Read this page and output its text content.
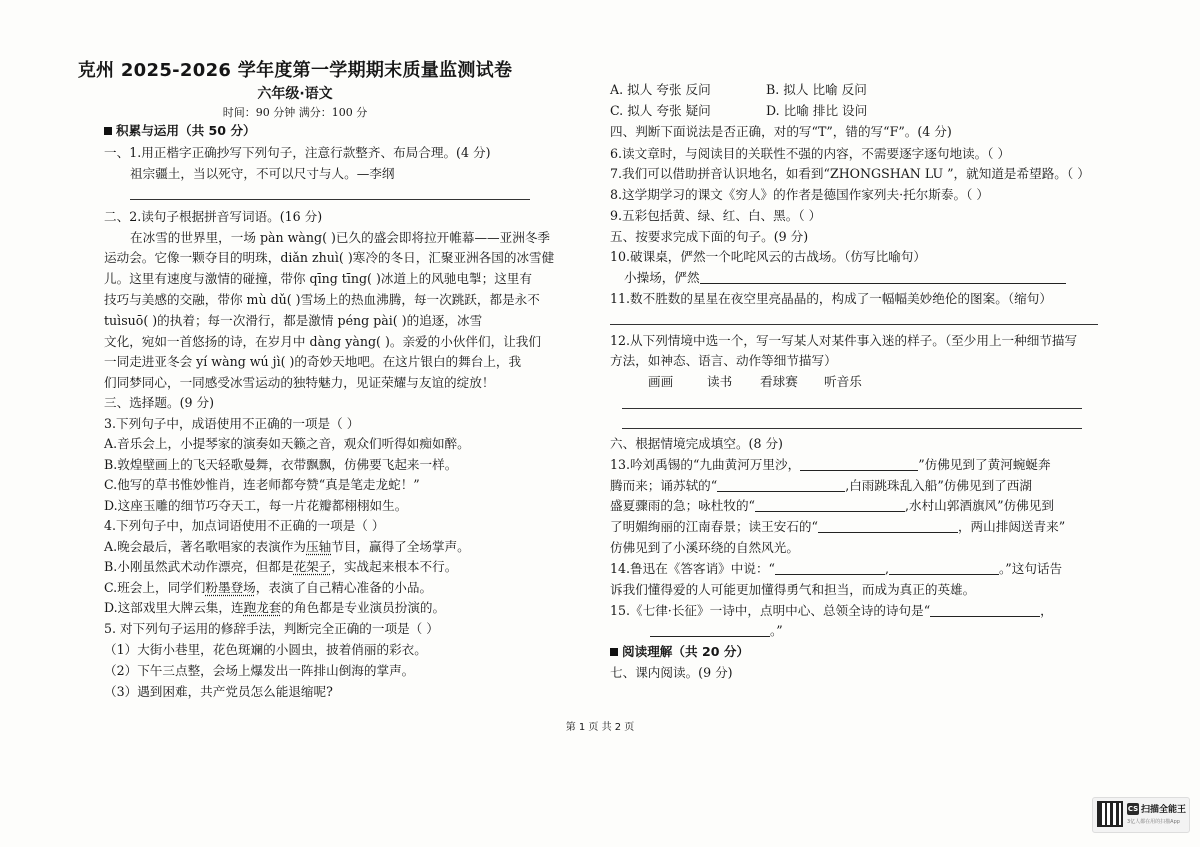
克州 2025-2026 学年度第一学期期末质量监测试卷
六年级·语文
时间：90 分钟 满分：100 分
积累与运用（共 50 分）
一、1.用正楷字正确抄写下列句子，注意行款整齐、布局合理。(4 分)
祖宗疆土，当以死守，不可以尺寸与人。—李纲
二、2.读句子根据拼音写词语。(16 分)
在冰雪的世界里，一场 pàn wàng( )已久的盛会即将拉开帷幕——亚洲冬季
运动会。它像一颗夺目的明珠，diǎn zhuì( )寒冷的冬日，汇聚亚洲各国的冰雪健
儿。这里有速度与激情的碰撞，带你 qīng tīng( )冰道上的风驰电掣；这里有
技巧与美感的交融，带你 mù dǔ( )雪场上的热血沸腾，每一次跳跃，都是永不
tuìsuō( )的执着；每一次滑行，都是激情 péng pài( )的追逐，冰雪
文化，宛如一首悠扬的诗，在岁月中 dàng yàng( )。亲爱的小伙伴们，让我们
一同走进亚冬会 yí wàng wú jì( )的奇妙天地吧。在这片银白的舞台上，我
们同梦同心，一同感受冰雪运动的独特魅力，见证荣耀与友谊的绽放！
三、选择题。(9 分)
3.下列句子中，成语使用不正确的一项是（ ）
A.音乐会上，小提琴家的演奏如天籁之音，观众们听得如痴如醉。
B.敦煌壁画上的飞天轻歌曼舞，衣带飘飘，仿佛要飞起来一样。
C.他写的草书惟妙惟肖，连老师都夸赞“真是笔走龙蛇！”
D.这座玉雕的细节巧夺天工，每一片花瓣都栩栩如生。
4.下列句子中，加点词语使用不正确的一项是（ ）
A.晚会最后，著名歌唱家的表演作为压轴节目，赢得了全场掌声。
B.小刚虽然武术动作漂亮，但都是花架子，实战起来根本不行。
C.班会上，同学们粉墨登场，表演了自己精心准备的小品。
D.这部戏里大牌云集，连跑龙套的角色都是专业演员扮演的。
5. 对下列句子运用的修辞手法，判断完全正确的一项是（ ）
（1）大街小巷里，花色斑斓的小圆虫，披着俏丽的彩衣。
（2）下午三点整，会场上爆发出一阵排山倒海的掌声。
（3）遇到困难，共产党员怎么能退缩呢?
A. 拟人 夸张 反问	B. 拟人 比喻 反问
C. 拟人 夸张 疑问	D. 比喻 排比 设问
四、判断下面说法是否正确，对的写“T”，错的写“F”。(4 分)
6.读文章时，与阅读目的关联性不强的内容，不需要逐字逐句地读。（ ）
7.我们可以借助拼音认识地名，如看到“ZHONGSHAN LU ”，就知道是希望路。（ ）
8.这学期学习的课文《穷人》的作者是德国作家列夫·托尔斯泰。（ ）
9.五彩包括黄、绿、红、白、黑。（ ）
五、按要求完成下面的句子。(9 分)
10.破课桌，俨然一个叱咤风云的古战场。（仿写比喻句）
小操场，俨然
11.数不胜数的星星在夜空里亮晶晶的，构成了一幅幅美妙绝伦的图案。（缩句）
12.从下列情境中选一个，写一写某人对某件事入迷的样子。（至少用上一种细节描写
方法，如神态、语言、动作等细节描写）
画画	读书 看球赛 听音乐
六、根据情境完成填空。(8 分)
13.吟刘禹锡的“九曲黄河万里沙，	”仿佛见到了黄河蜿蜒奔
腾而来；诵苏轼的“	,白雨跳珠乱入船”仿佛见到了西湖
盛夏骤雨的急；咏杜牧的“	,水村山郭酒旗风”仿佛见到
了明媚绚丽的江南春景；读王安石的“	，两山排闼送青来”
仿佛见到了小溪环绕的自然风光。
14.鲁迅在《答客诮》中说：“	,	。”这句话告
诉我们懂得爱的人可能更加懂得勇气和担当，而成为真正的英雄。
15.《七律·长征》一诗中，点明中心、总领全诗的诗句是“	，
。”
阅读理解（共 20 分）
七、课内阅读。(9 分)
第 1 页 共 2 页
CS 扫描全能王
3亿人都在用的扫描App
